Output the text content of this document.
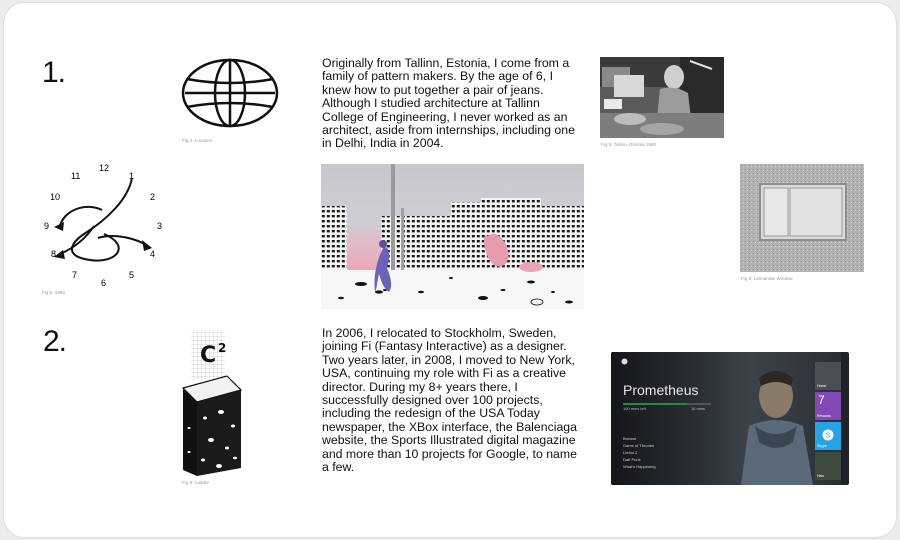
1.
2.
Fig 4: Location
Originally from Tallinn, Estonia, I come from a family of pattern makers. By the age of 6, I knew how to put together a pair of jeans. Although I studied architecture at Tallinn College of Engineering, I never worked as an architect, aside from internships, including one in Delhi, India in 2004.	Fig 5: Tallinn, Estonia 1980
12
1
2
3
4
5
6
7
8
9
10
11
Fig 6: 1984
Fig 8: Lasnamäe Window
C 2
Fig 9: Ladder
In 2006, I relocated to Stockholm, Sweden, joining Fi (Fantasy Interactive) as a designer. Two years later, in 2008, I moved to New York, USA, continuing my role with Fi as a creative director. During my 8+ years there, I successfully designed over 100 projects, including the redesign of the USA Today newspaper, the XBox interface, the Balenciaga website, the Sports Illustrated digital magazine and more than 10 projects for Google, to name a few.
Prometheus
100 mins left	16 mins
Browse
Game of Thrones
Limbo 2
Daft Punk
What's Happening
Home
7
Rewards
S
Skype
Halo
